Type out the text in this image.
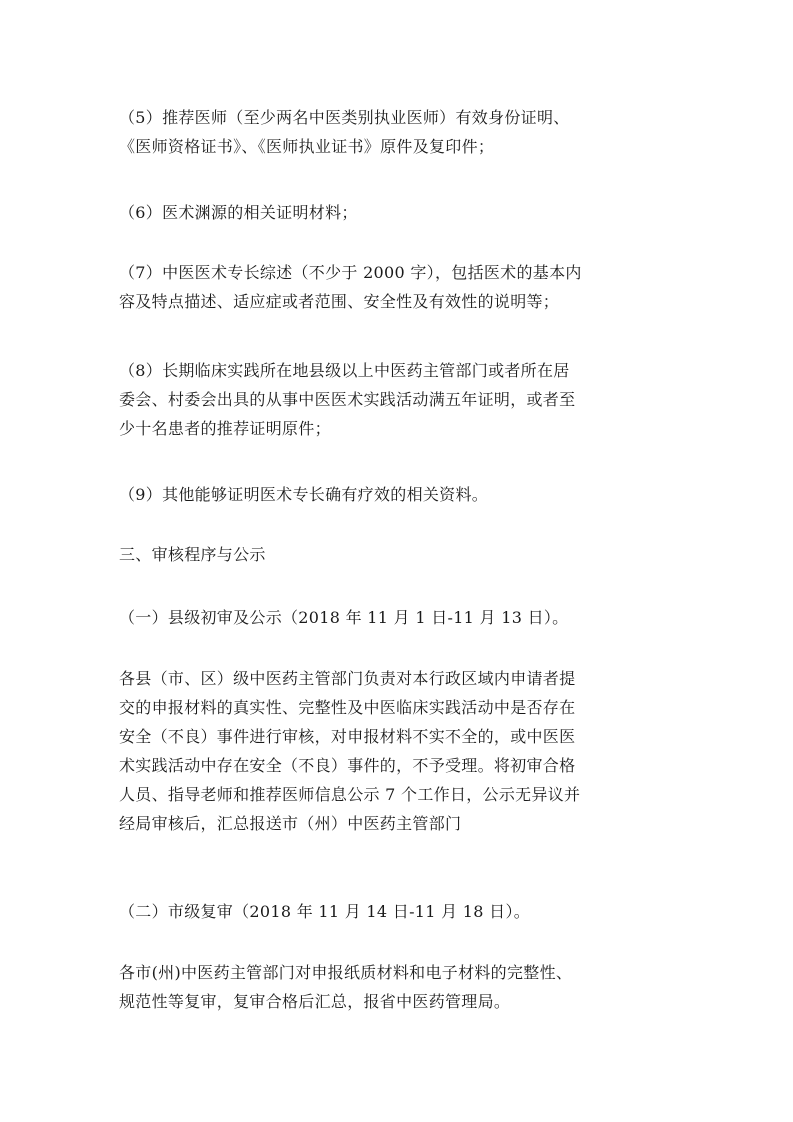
（5）推荐医师（至少两名中医类别执业医师）有效身份证明、
《医师资格证书》、《医师执业证书》原件及复印件；

（6）医术渊源的相关证明材料；

（7）中医医术专长综述（不少于 2000 字），包括医术的基本内
容及特点描述、适应症或者范围、安全性及有效性的说明等；

（8）长期临床实践所在地县级以上中医药主管部门或者所在居
委会、村委会出具的从事中医医术实践活动满五年证明，或者至
少十名患者的推荐证明原件；

（9）其他能够证明医术专长确有疗效的相关资料。

三、审核程序与公示

（一）县级初审及公示（2018 年 11 月 1 日-11 月 13 日）。

各县（市、区）级中医药主管部门负责对本行政区域内申请者提
交的申报材料的真实性、完整性及中医临床实践活动中是否存在
安全（不良）事件进行审核，对申报材料不实不全的，或中医医
术实践活动中存在安全（不良）事件的，不予受理。将初审合格
人员、指导老师和推荐医师信息公示 7 个工作日，公示无异议并
经局审核后，汇总报送市（州）中医药主管部门

（二）市级复审（2018 年 11 月 14 日-11 月 18 日）。

各市(州)中医药主管部门对申报纸质材料和电子材料的完整性、
规范性等复审，复审合格后汇总，报省中医药管理局。
